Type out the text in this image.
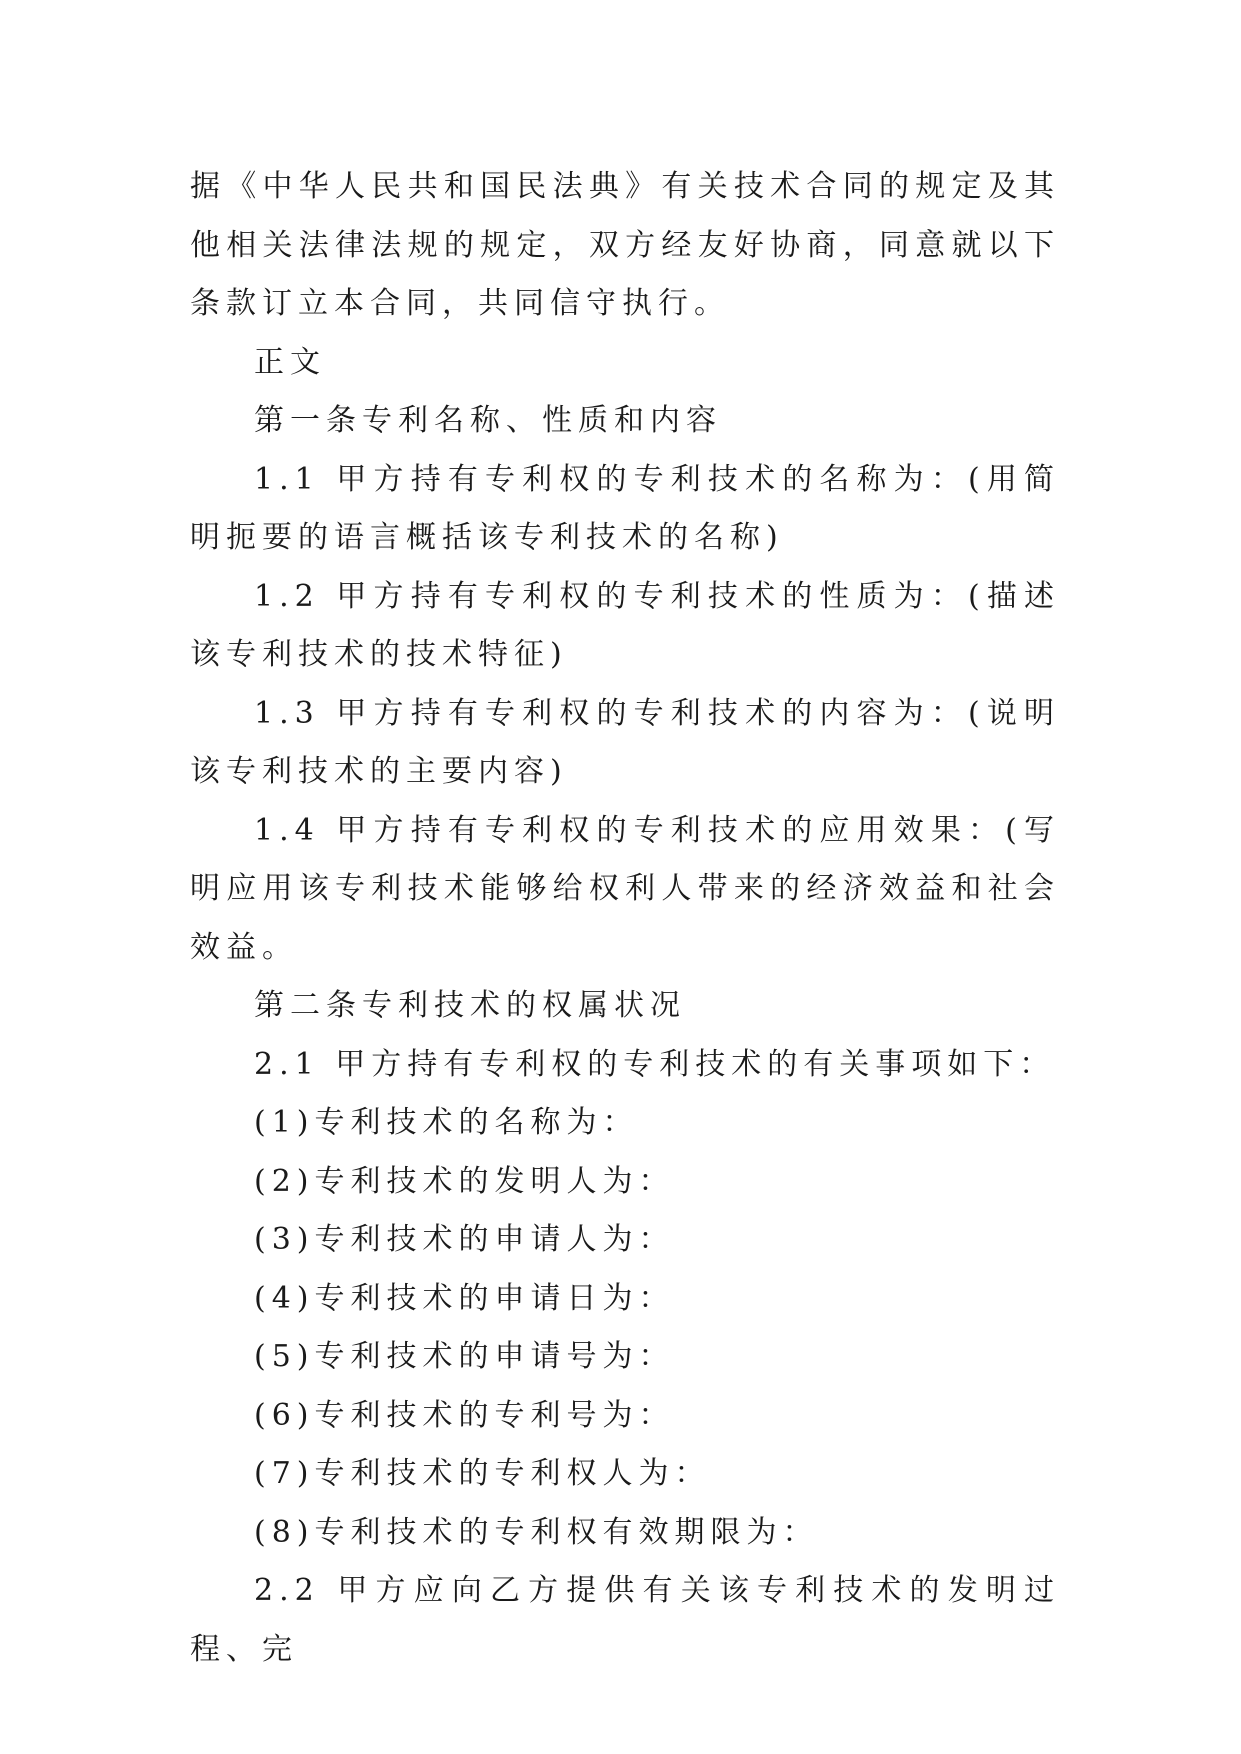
据《中华人民共和国民法典》有关技术合同的规定及其他相关法律法规的规定，双方经友好协商，同意就以下条款订立本合同，共同信守执行。

正文

第一条专利名称、性质和内容

1.1 甲方持有专利权的专利技术的名称为：(用简明扼要的语言概括该专利技术的名称)

1.2 甲方持有专利权的专利技术的性质为：(描述该专利技术的技术特征)

1.3 甲方持有专利权的专利技术的内容为：(说明该专利技术的主要内容)

1.4 甲方持有专利权的专利技术的应用效果：(写明应用该专利技术能够给权利人带来的经济效益和社会效益。

第二条专利技术的权属状况

2.1 甲方持有专利权的专利技术的有关事项如下：

(1)专利技术的名称为：

(2)专利技术的发明人为：

(3)专利技术的申请人为：

(4)专利技术的申请日为：

(5)专利技术的申请号为：

(6)专利技术的专利号为：

(7)专利技术的专利权人为：

(8)专利技术的专利权有效期限为：

2.2 甲方应向乙方提供有关该专利技术的发明过程、完
